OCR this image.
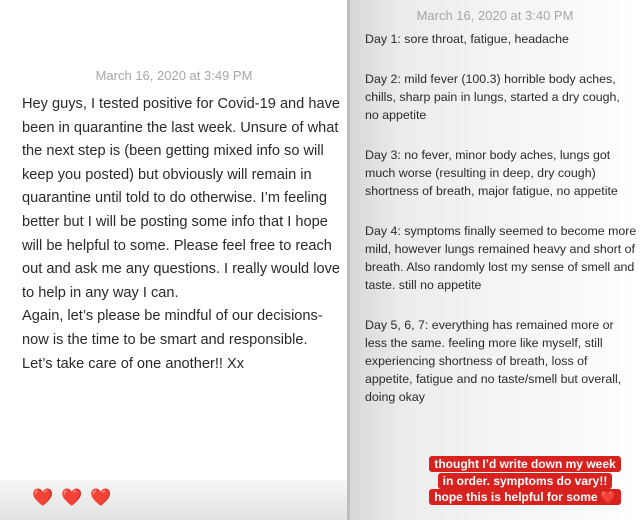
March 16, 2020 at 3:49 PM

Hey guys, I tested positive for Covid-19 and have been in quarantine the last week. Unsure of what the next step is (been getting mixed info so will keep you posted) but obviously will remain in quarantine until told to do otherwise. I’m feeling better but I will be posting some info that I hope will be helpful to some. Please feel free to reach out and ask me any questions. I really would love to help in any way I can.

Again, let’s please be mindful of our decisions- now is the time to be smart and responsible. Let’s take care of one another!! Xx

❤️❤️❤️
March 16, 2020 at 3:40 PM

Day 1: sore throat, fatigue, headache

Day 2: mild fever (100.3) horrible body aches, chills, sharp pain in lungs, started a dry cough, no appetite

Day 3: no fever, minor body aches, lungs got much worse (resulting in deep, dry cough) shortness of breath, major fatigue, no appetite

Day 4: symptoms finally seemed to become more mild, however lungs remained heavy and short of breath. Also randomly lost my sense of smell and taste. still no appetite

Day 5, 6, 7: everything has remained more or less the same. feeling more like myself, still experiencing shortness of breath, loss of appetite, fatigue and no taste/smell but overall, doing okay

thought I’d write down my week
in order. symptoms do vary!!
hope this is helpful for some ❤️
